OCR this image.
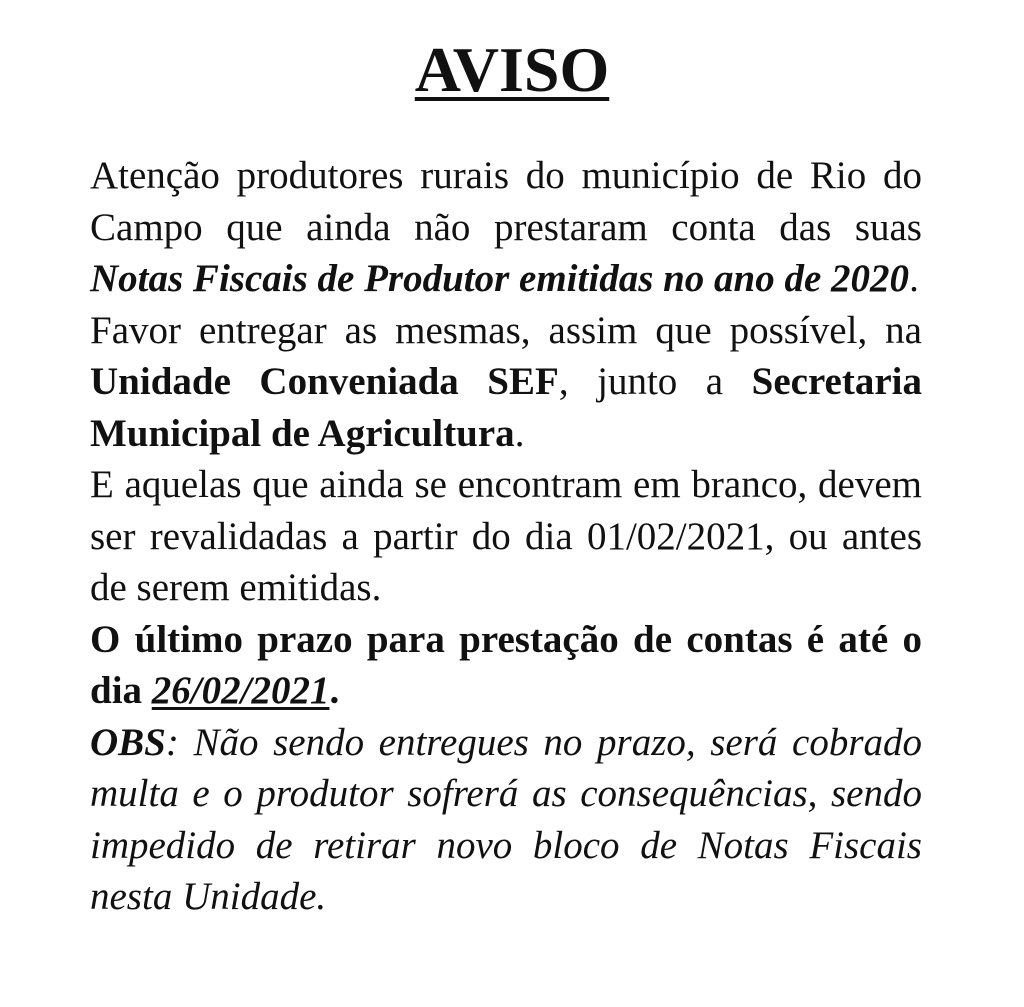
AVISO

Atenção produtores rurais do município de Rio do Campo que ainda não prestaram conta das suas Notas Fiscais de Produtor emitidas no ano de 2020.

Favor entregar as mesmas, assim que possível, na Unidade Conveniada SEF, junto a Secretaria Municipal de Agricultura.

E aquelas que ainda se encontram em branco, devem ser revalidadas a partir do dia 01/02/2021, ou antes de serem emitidas.

O último prazo para prestação de contas é até o dia 26/02/2021.

OBS: Não sendo entregues no prazo, será cobrado multa e o produtor sofrerá as consequências, sendo impedido de retirar novo bloco de Notas Fiscais nesta Unidade.
